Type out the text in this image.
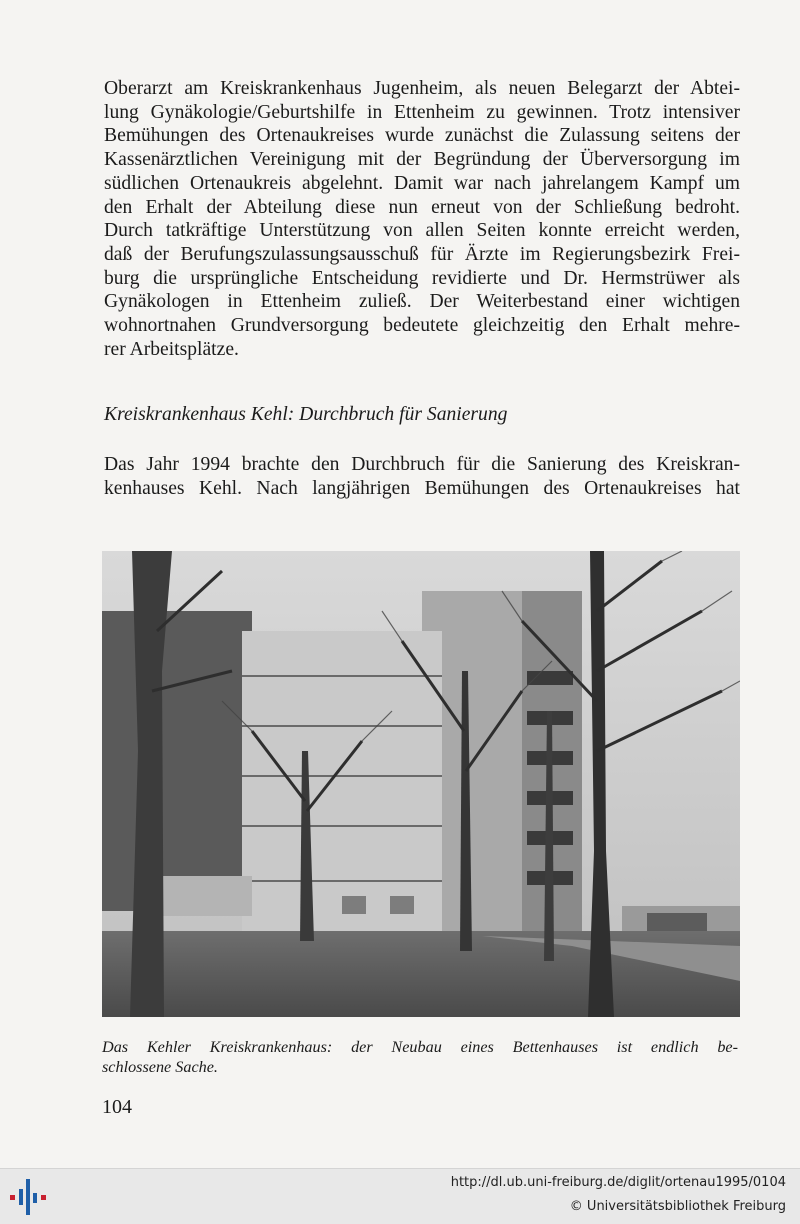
Oberarzt am Kreiskrankenhaus Jugenheim, als neuen Belegarzt der Abtei-
lung Gynäkologie/Geburtshilfe in Ettenheim zu gewinnen. Trotz intensiver
Bemühungen des Ortenaukreises wurde zunächst die Zulassung seitens der
Kassenärztlichen Vereinigung mit der Begründung der Überversorgung im
südlichen Ortenaukreis abgelehnt. Damit war nach jahrelangem Kampf um
den Erhalt der Abteilung diese nun erneut von der Schließung bedroht.
Durch tatkräftige Unterstützung von allen Seiten konnte erreicht werden,
daß der Berufungszulassungsausschuß für Ärzte im Regierungsbezirk Frei-
burg die ursprüngliche Entscheidung revidierte und Dr. Hermstrüwer als
Gynäkologen in Ettenheim zuließ. Der Weiterbestand einer wichtigen
wohnortnahen Grundversorgung bedeutete gleichzeitig den Erhalt mehre-
rer Arbeitsplätze.
Kreiskrankenhaus Kehl: Durchbruch für Sanierung
Das Jahr 1994 brachte den Durchbruch für die Sanierung des Kreiskran-
kenhauses Kehl. Nach langjährigen Bemühungen des Ortenaukreises hat
Das Kehler Kreiskrankenhaus: der Neubau eines Bettenhauses ist endlich be-
schlossene Sache.

104

http://dl.ub.uni-freiburg.de/diglit/ortenau1995/0104
© Universitätsbibliothek Freiburg
